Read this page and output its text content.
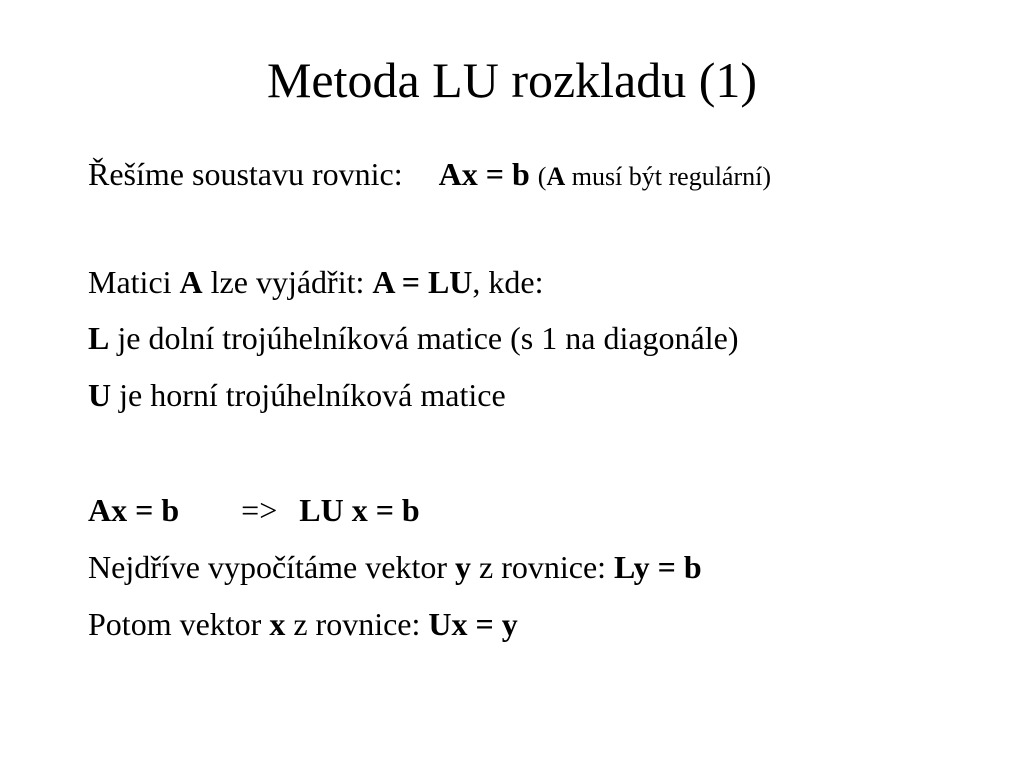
Metoda LU rozkladu (1)
Řešíme soustavu rovnic: Ax = b (A musí být regulární)
Matici A lze vyjádřit: A = LU, kde:
L je dolní trojúhelníková matice (s 1 na diagonále)
U je horní trojúhelníková matice
Ax = b => LU x = b
Nejdříve vypočítáme vektor y z rovnice: Ly = b
Potom vektor x z rovnice: Ux = y
